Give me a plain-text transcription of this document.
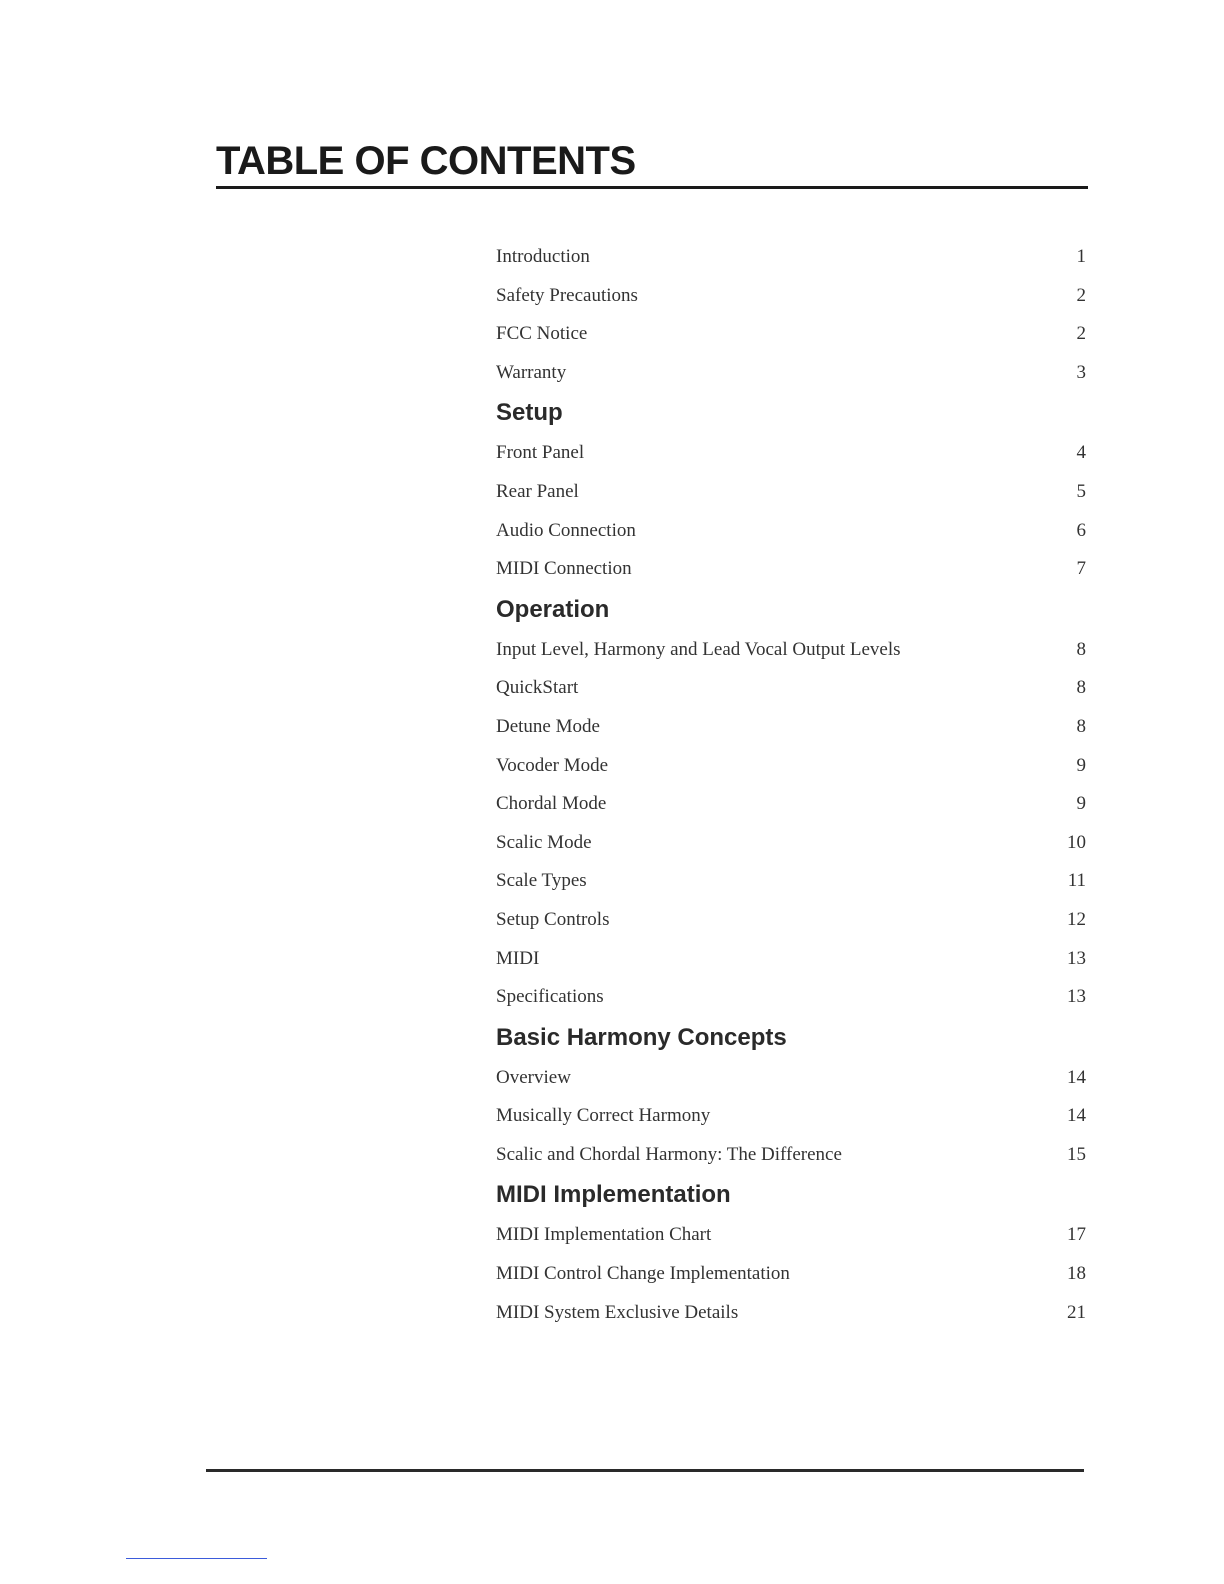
TABLE OF CONTENTS
Introduction	1
Safety Precautions	2
FCC Notice	2
Warranty	3
Setup
Front Panel	4
Rear Panel	5
Audio Connection	6
MIDI Connection	7
Operation
Input Level, Harmony and Lead Vocal Output Levels	8
QuickStart	8
Detune Mode	8
Vocoder Mode	9
Chordal Mode	9
Scalic Mode	10
Scale Types	11
Setup Controls	12
MIDI	13
Specifications	13
Basic Harmony Concepts
Overview	14
Musically Correct Harmony	14
Scalic and Chordal Harmony: The Difference	15
MIDI Implementation
MIDI Implementation Chart	17
MIDI Control Change Implementation	18
MIDI System Exclusive Details	21
